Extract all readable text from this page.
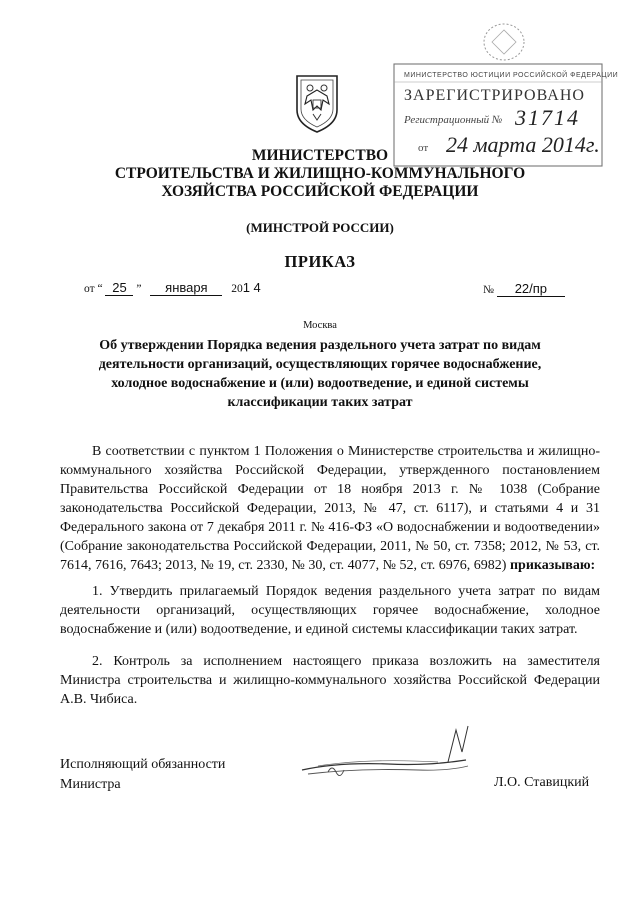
МИНИСТЕРСТВО ЮСТИЦИИ РОССИЙСКОЙ ФЕДЕРАЦИИ
ЗАРЕГИСТРИРОВАНО
Регистрационный № 31714
от 24 марта 2014г.
МИНИСТЕРСТВО
СТРОИТЕЛЬСТВА И ЖИЛИЩНО-КОММУНАЛЬНОГО
ХОЗЯЙСТВА РОССИЙСКОЙ ФЕДЕРАЦИИ
(МИНСТРОЙ РОССИИ)
ПРИКАЗ
от “ 25 ” января 201 4	№ 22/пр
Москва
Об утверждении Порядка ведения раздельного учета затрат по видам
деятельности организаций, осуществляющих горячее водоснабжение,
холодное водоснабжение и (или) водоотведение, и единой системы
классификации таких затрат
В соответствии с пунктом 1 Положения о Министерстве строительства и жилищно-коммунального хозяйства Российской Федерации, утвержденного постановлением Правительства Российской Федерации от 18 ноября 2013 г. № 1038 (Собрание законодательства Российской Федерации, 2013, № 47, ст. 6117), и статьями 4 и 31 Федерального закона от 7 декабря 2011 г. № 416-ФЗ «О водоснабжении и водоотведении» (Собрание законодательства Российской Федерации, 2011, № 50, ст. 7358; 2012, № 53, ст. 7614, 7616, 7643; 2013, № 19, ст. 2330, № 30, ст. 4077, № 52, ст. 6976, 6982) приказываю:
1. Утвердить прилагаемый Порядок ведения раздельного учета затрат по видам деятельности организаций, осуществляющих горячее водоснабжение, холодное водоснабжение и (или) водоотведение, и единой системы классификации таких затрат.
2. Контроль за исполнением настоящего приказа возложить на заместителя Министра строительства и жилищно-коммунального хозяйства Российской Федерации А.В. Чибиса.
Исполняющий обязанности
Министра	Л.О. Ставицкий
